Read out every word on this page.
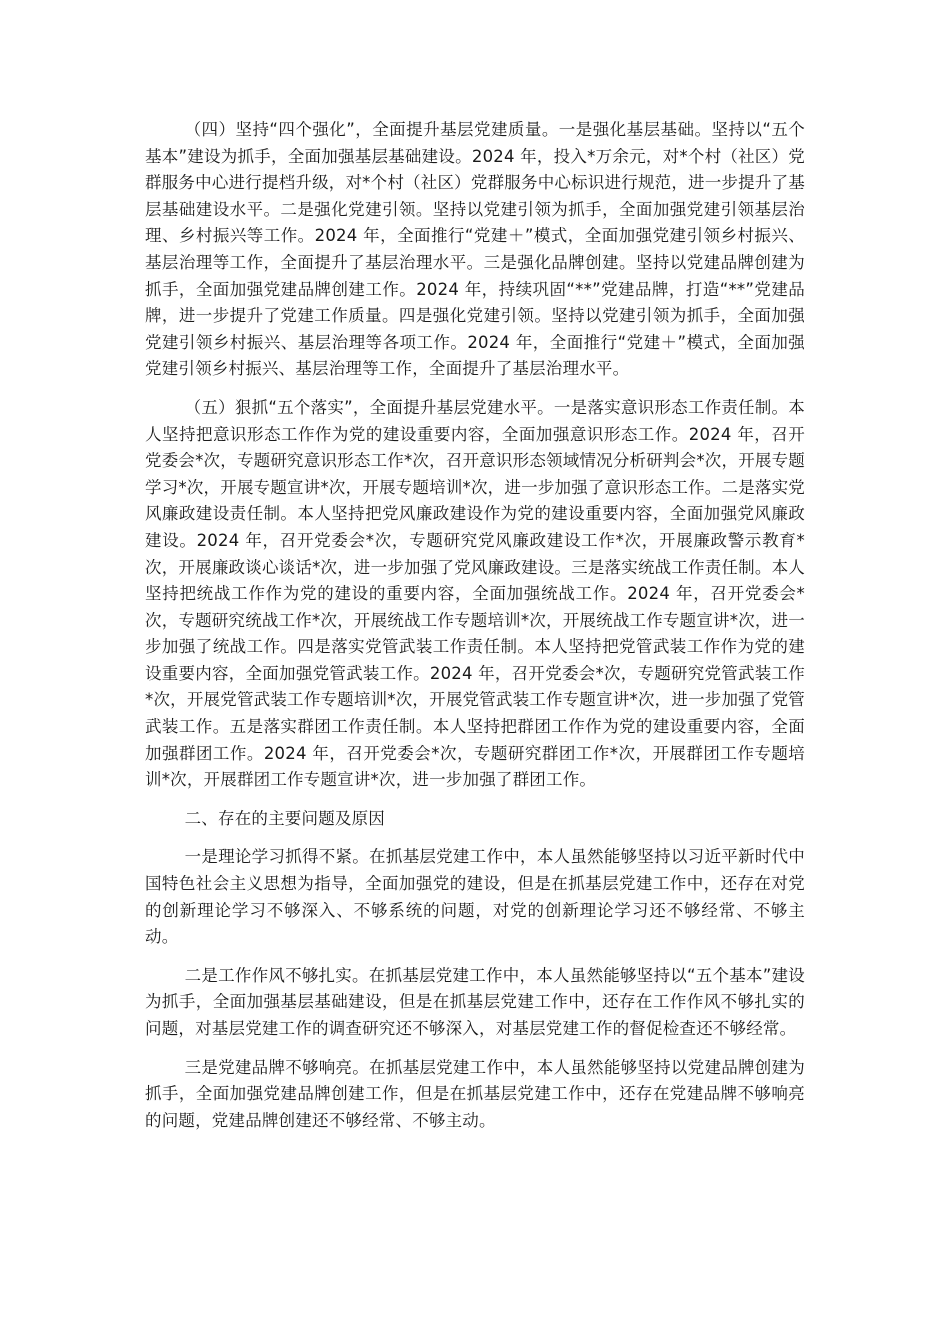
（四）坚持“四个强化”，全面提升基层党建质量。一是强化基层基础。坚持以“五个基本”建设为抓手，全面加强基层基础建设。2024 年，投入*万余元，对*个村（社区）党群服务中心进行提档升级，对*个村（社区）党群服务中心标识进行规范，进一步提升了基层基础建设水平。二是强化党建引领。坚持以党建引领为抓手，全面加强党建引领基层治理、乡村振兴等工作。2024 年，全面推行“党建＋”模式，全面加强党建引领乡村振兴、基层治理等工作，全面提升了基层治理水平。三是强化品牌创建。坚持以党建品牌创建为抓手，全面加强党建品牌创建工作。2024 年，持续巩固“**”党建品牌，打造“**”党建品牌，进一步提升了党建工作质量。四是强化党建引领。坚持以党建引领为抓手，全面加强党建引领乡村振兴、基层治理等各项工作。2024 年，全面推行“党建＋”模式，全面加强党建引领乡村振兴、基层治理等工作，全面提升了基层治理水平。

（五）狠抓“五个落实”，全面提升基层党建水平。一是落实意识形态工作责任制。本人坚持把意识形态工作作为党的建设重要内容，全面加强意识形态工作。2024 年，召开党委会*次，专题研究意识形态工作*次，召开意识形态领域情况分析研判会*次，开展专题学习*次，开展专题宣讲*次，开展专题培训*次，进一步加强了意识形态工作。二是落实党风廉政建设责任制。本人坚持把党风廉政建设作为党的建设重要内容，全面加强党风廉政建设。2024 年，召开党委会*次，专题研究党风廉政建设工作*次，开展廉政警示教育*次，开展廉政谈心谈话*次，进一步加强了党风廉政建设。三是落实统战工作责任制。本人坚持把统战工作作为党的建设的重要内容，全面加强统战工作。2024 年，召开党委会*次，专题研究统战工作*次，开展统战工作专题培训*次，开展统战工作专题宣讲*次，进一步加强了统战工作。四是落实党管武装工作责任制。本人坚持把党管武装工作作为党的建设重要内容，全面加强党管武装工作。2024 年，召开党委会*次，专题研究党管武装工作*次，开展党管武装工作专题培训*次，开展党管武装工作专题宣讲*次，进一步加强了党管武装工作。五是落实群团工作责任制。本人坚持把群团工作作为党的建设重要内容，全面加强群团工作。2024 年，召开党委会*次，专题研究群团工作*次，开展群团工作专题培训*次，开展群团工作专题宣讲*次，进一步加强了群团工作。

二、存在的主要问题及原因

一是理论学习抓得不紧。在抓基层党建工作中，本人虽然能够坚持以习近平新时代中国特色社会主义思想为指导，全面加强党的建设，但是在抓基层党建工作中，还存在对党的创新理论学习不够深入、不够系统的问题，对党的创新理论学习还不够经常、不够主动。

二是工作作风不够扎实。在抓基层党建工作中，本人虽然能够坚持以“五个基本”建设为抓手，全面加强基层基础建设，但是在抓基层党建工作中，还存在工作作风不够扎实的问题，对基层党建工作的调查研究还不够深入，对基层党建工作的督促检查还不够经常。

三是党建品牌不够响亮。在抓基层党建工作中，本人虽然能够坚持以党建品牌创建为抓手，全面加强党建品牌创建工作，但是在抓基层党建工作中，还存在党建品牌不够响亮的问题，党建品牌创建还不够经常、不够主动。
